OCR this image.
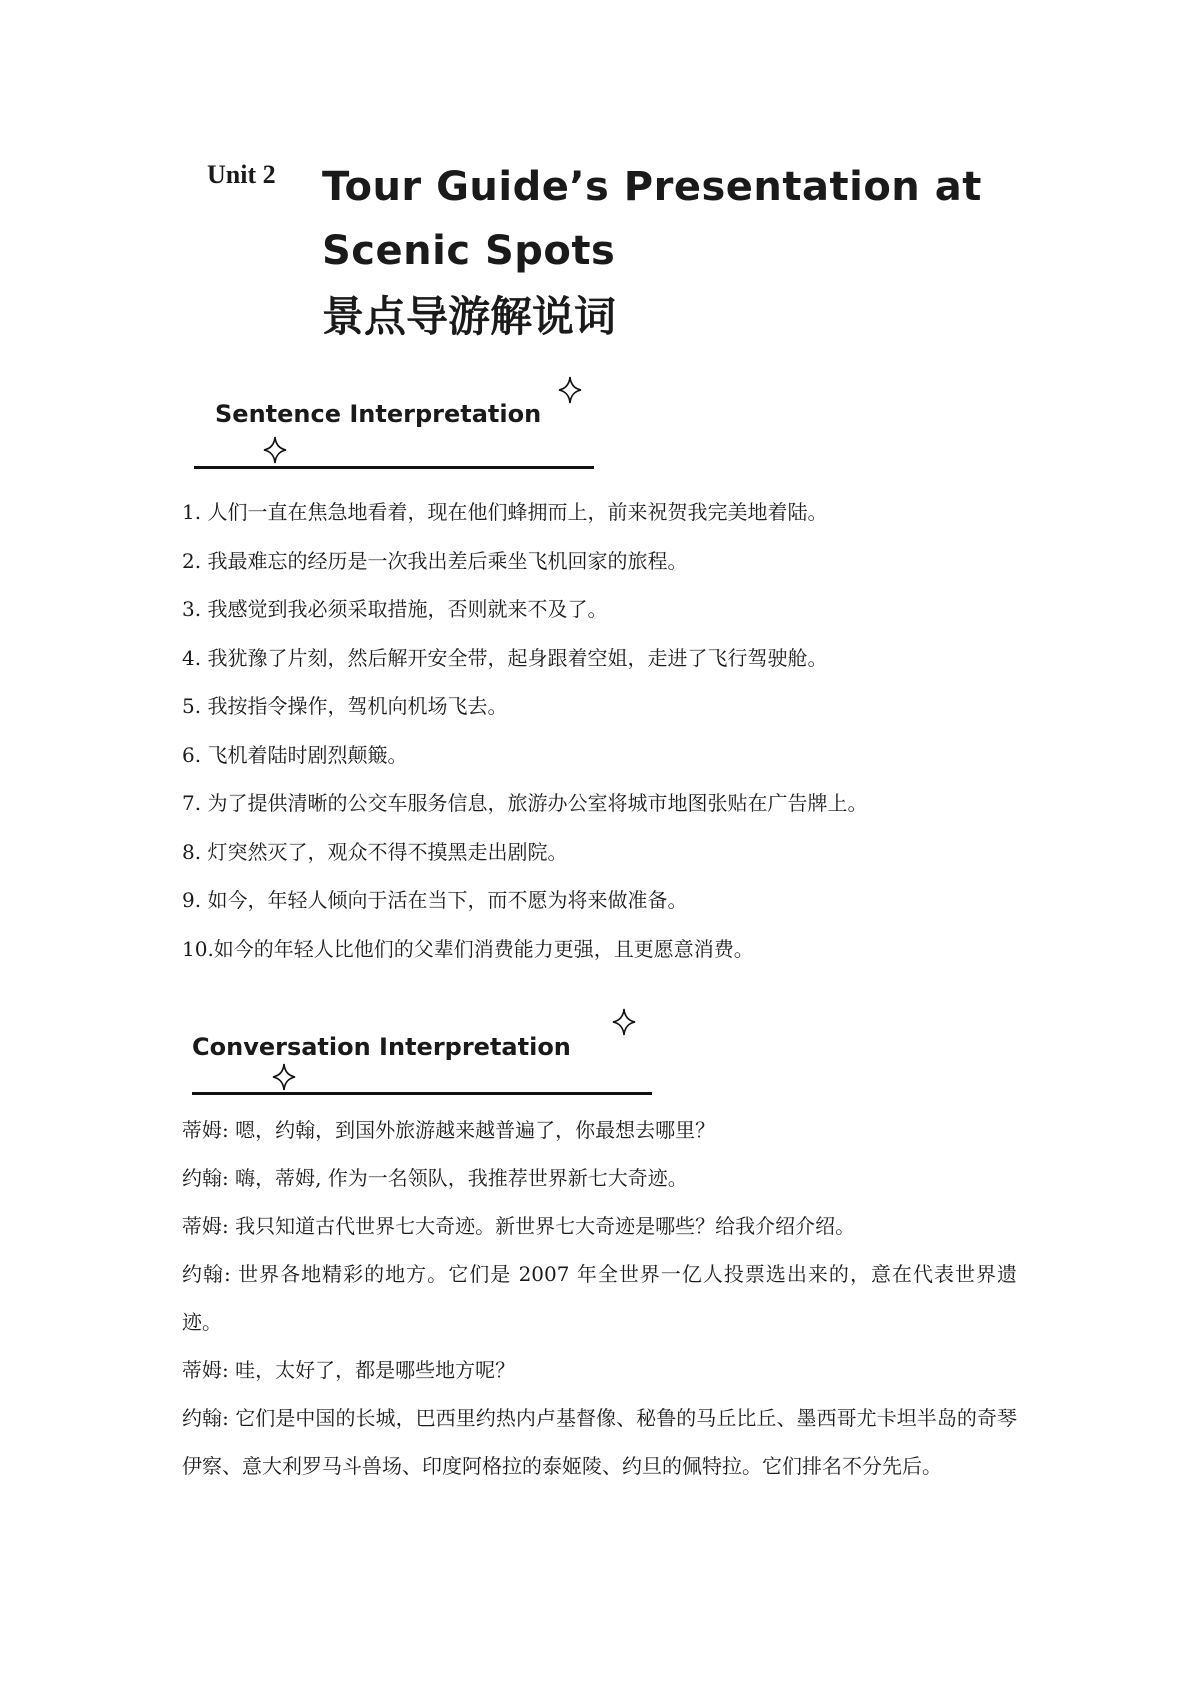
Unit 2 Tour Guide’s Presentation at
Scenic Spots
景点导游解说词
Sentence Interpretation
1. 人们一直在焦急地看着，现在他们蜂拥而上，前来祝贺我完美地着陆。
2. 我最难忘的经历是一次我出差后乘坐飞机回家的旅程。
3. 我感觉到我必须采取措施，否则就来不及了。
4. 我犹豫了片刻，然后解开安全带，起身跟着空姐，走进了飞行驾驶舱。
5. 我按指令操作，驾机向机场飞去。
6. 飞机着陆时剧烈颠簸。
7. 为了提供清晰的公交车服务信息，旅游办公室将城市地图张贴在广告牌上。
8. 灯突然灭了，观众不得不摸黑走出剧院。
9. 如今，年轻人倾向于活在当下，而不愿为将来做准备。
10.如今的年轻人比他们的父辈们消费能力更强，且更愿意消费。
Conversation Interpretation
蒂姆: 嗯，约翰，到国外旅游越来越普遍了，你最想去哪里？
约翰: 嗨，蒂姆, 作为一名领队，我推荐世界新七大奇迹。
蒂姆: 我只知道古代世界七大奇迹。新世界七大奇迹是哪些？给我介绍介绍。
约翰: 世界各地精彩的地方。它们是 2007 年全世界一亿人投票选出来的，意在代表世界遗迹。
蒂姆: 哇，太好了，都是哪些地方呢？
约翰: 它们是中国的长城，巴西里约热内卢基督像、秘鲁的马丘比丘、墨西哥尤卡坦半岛的奇琴伊察、意大利罗马斗兽场、印度阿格拉的泰姬陵、约旦的佩特拉。它们排名不分先后。
